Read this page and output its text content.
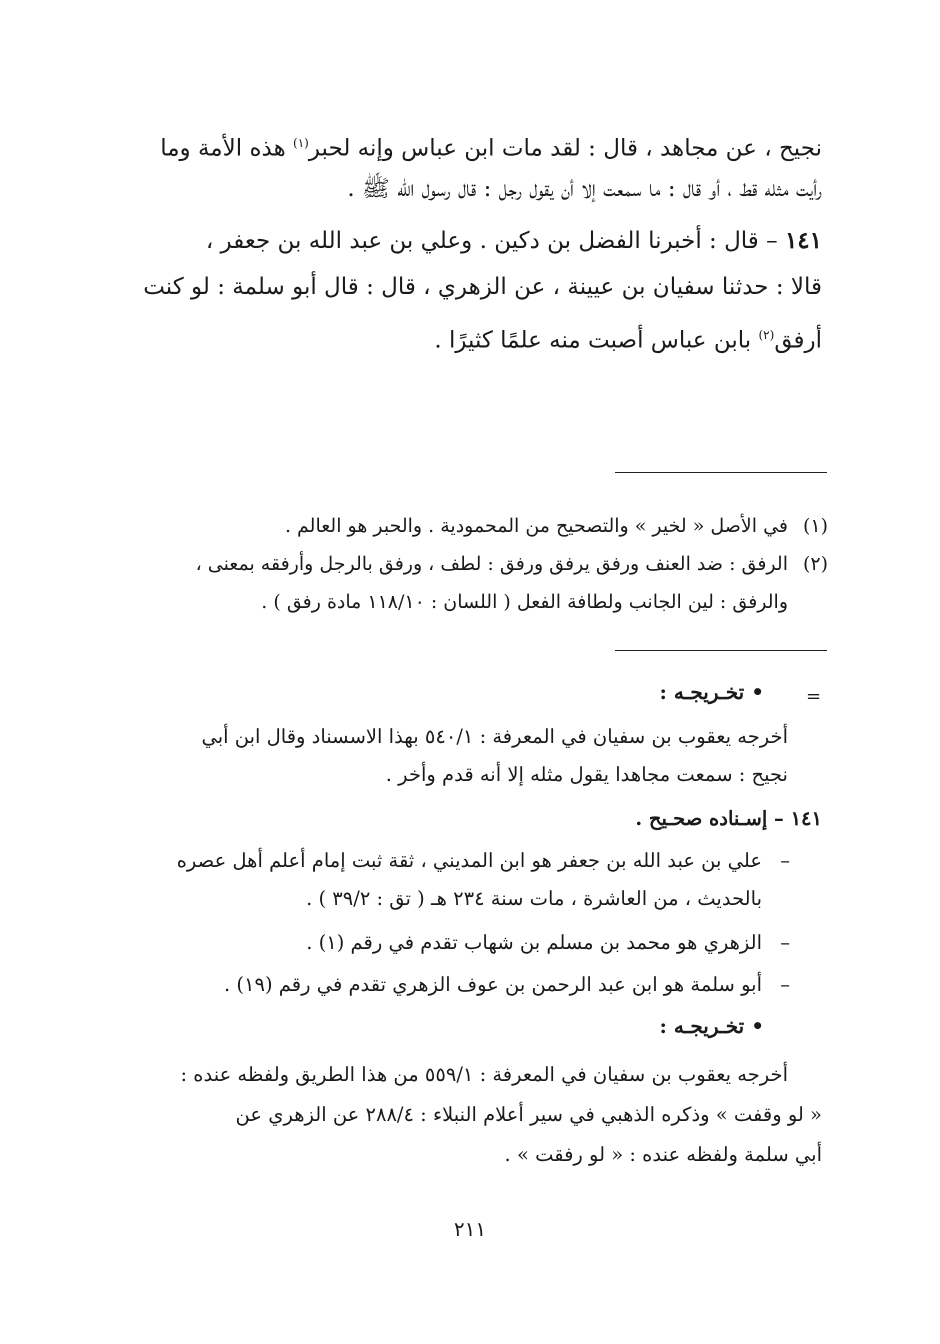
نجيح ، عن مجاهد ، قال : لقد مات ابن عباس وإنه لحبر$^{(١)}$ هذه الأمة وما

رأيت مثله قط ، أو قال : ما سمعت إلا أن يقول رجل : قال رسول الله ﷺ .

١٤١ – قال : أخبرنا الفضل بن دكين . وعلي بن عبد الله بن جعفر ،

قالا : حدثنا سفيان بن عيينة ، عن الزهري ، قال : قال أبو سلمة : لو كنت

أرفق$^{(٢)}$ بابن عباس أصبت منه علمًا كثيرًا .

(١)في الأصل « لخير » والتصحيح من المحمودية . والحبر هو العالم .
(٢)الرفق : ضد العنف ورفق يرفق ورفق : لطف ، ورفق بالرجل وأرفقه بمعنى ،
والرفق : لين الجانب ولطافة الفعل ( اللسان : ١١٨/١٠ مادة رفق ) .
=
• تخـريجـه :

أخرجه يعقوب بن سفيان في المعرفة : ٥٤٠/١ بهذا الاسسناد وقال ابن أبي

نجيح : سمعت مجاهدا يقول مثله إلا أنه قدم وأخر .

١٤١ – إسـناده صحـيح .

–علي بن عبد الله بن جعفر هو ابن المديني ، ثقة ثبت إمام أعلم أهل عصره

بالحديث ، من العاشرة ، مات سنة ٢٣٤ هـ ( تق : ٣٩/٢ ) .

–الزهري هو محمد بن مسلم بن شهاب تقدم في رقم (١) .

–أبو سلمة هو ابن عبد الرحمن بن عوف الزهري تقدم في رقم (١٩) .

• تخـريجـه :

أخرجه يعقوب بن سفيان في المعرفة : ٥٥٩/١ من هذا الطريق ولفظه عنده :

« لو وقفت » وذكره الذهبي في سير أعلام النبلاء : ٢٨٨/٤ عن الزهري عن

أبي سلمة ولفظه عنده : « لو رفقت » .

٢١١
